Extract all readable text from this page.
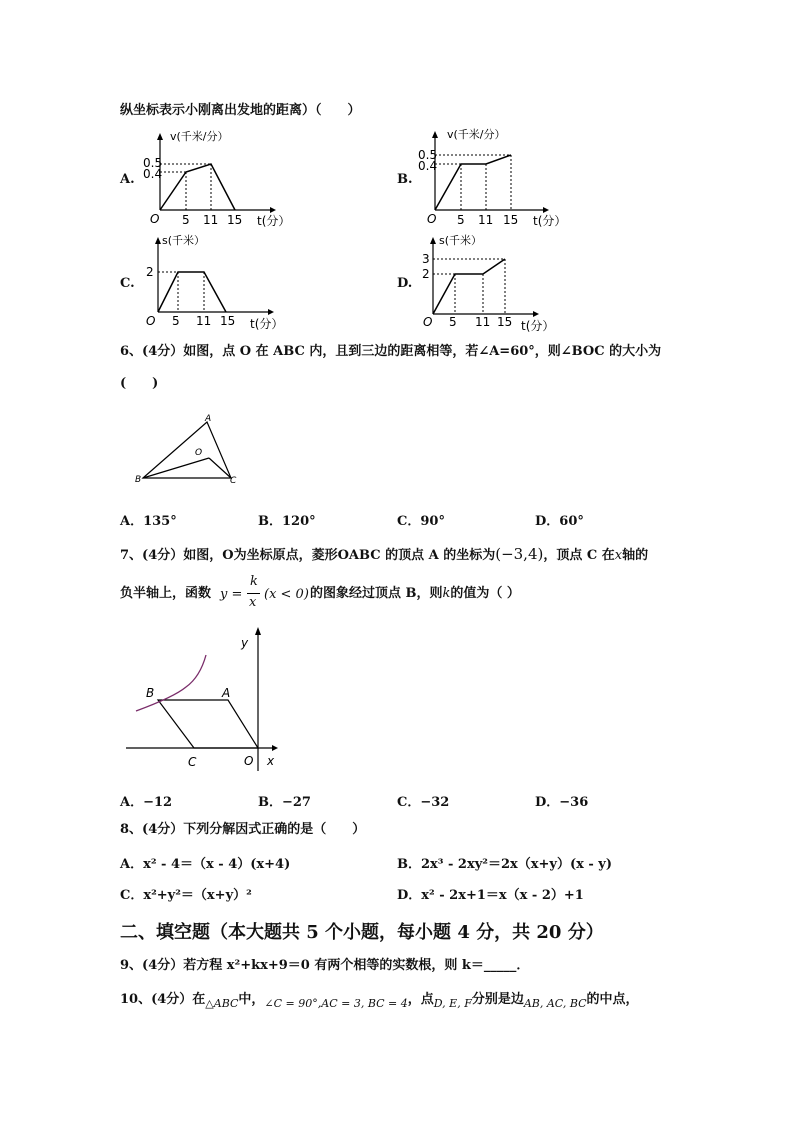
纵坐标表示小刚离出发地的距离）（　　）
A.
v(千米/分）
0.5
0.4
O 5 11 15 t(分）
B.
v(千米/分）
0.5
0.4
O 5 11 15 t(分）
C.
s(千米）
2
O 5 11 15 t(分）
D.
s(千米）
3
2
O 5 11 15 t(分）
6、(4分）如图，点 O 在 ABC 内，且到三边的距离相等，若∠A=60°，则∠BOC 的大小为
(　　)
A
B	C
O
A．135°	B．120°	C．90°	D．60°
7、(4分）如图，O为坐标原点，菱形OABC 的顶点 A 的坐标为(−3,4)，顶点 C 在x轴的
负半轴上，函数 y =
k
x
(x < 0) 的图象经过顶点 B，则k的值为（ ）
B	A
C	O x
y
A．−12	B．−27	C．−32	D．−36
8、(4分）下列分解因式正确的是（　　）
A．x² - 4＝（x - 4）(x+4)	B．2x³ - 2xy²＝2x（x+y）(x - y)
C．x²+y²＝（x+y）²	D．x² - 2x+1＝x（x - 2）+1
二、填空题（本大题共 5 个小题，每小题 4 分，共 20 分）
9、(4分）若方程 x²+kx+9＝0 有两个相等的实数根，则 k＝_____．
10、(4分）在$_{\triangle ABC}$中，$_{\angle C = 90^\circ,AC = 3, BC = 4}$，点$_{D, E, F}$分别是边$_{AB, AC, BC}$的中点，
